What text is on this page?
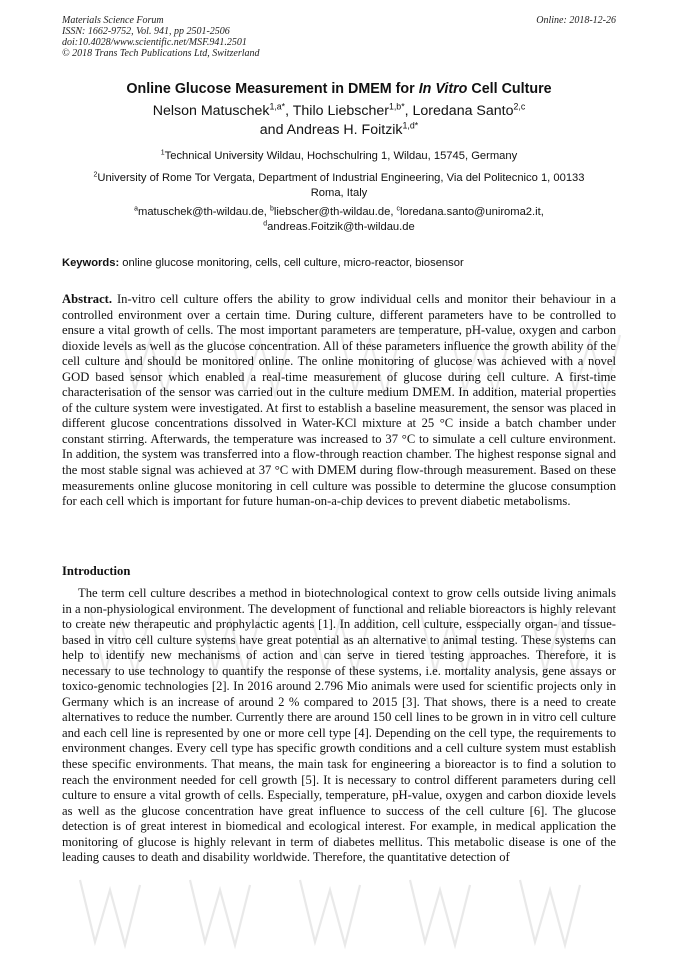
Materials Science Forum
ISSN: 1662-9752, Vol. 941, pp 2501-2506
doi:10.4028/www.scientific.net/MSF.941.2501
© 2018 Trans Tech Publications Ltd, Switzerland
Online: 2018-12-26
Online Glucose Measurement in DMEM for In Vitro Cell Culture
Nelson Matuschek$^{1,a*}$, Thilo Liebscher$^{1,b*}$, Loredana Santo$^{2,c}$
and Andreas H. Foitzik$^{1,d*}$
$^1$Technical University Wildau, Hochschulring 1, Wildau, 15745, Germany
$^2$University of Rome Tor Vergata, Department of Industrial Engineering, Via del Politecnico 1, 00133 Roma, Italy
$^a$matuschek@th-wildau.de, $^b$liebscher@th-wildau.de, $^c$loredana.santo@uniroma2.it,
$^d$andreas.Foitzik@th-wildau.de
Keywords: online glucose monitoring, cells, cell culture, micro-reactor, biosensor

Abstract. In-vitro cell culture offers the ability to grow individual cells and monitor their behaviour in a controlled environment over a certain time. During culture, different parameters have to be controlled to ensure a vital growth of cells. The most important parameters are temperature, pH-value, oxygen and carbon dioxide levels as well as the glucose concentration. All of these parameters influence the growth ability of the cell culture and should be monitored online. The online monitoring of glucose was achieved with a novel GOD based sensor which enabled a real-time measurement of glucose during cell culture. A first-time characterisation of the sensor was carried out in the culture medium DMEM. In addition, material properties of the culture system were investigated. At first to establish a baseline measurement, the sensor was placed in different glucose concentrations dissolved in Water-KCl mixture at 25 °C inside a batch chamber under constant stirring. Afterwards, the temperature was increased to 37 °C to simulate a cell culture environment. In addition, the system was transferred into a flow-through reaction chamber. The highest response signal and the most stable signal was achieved at 37 °C with DMEM during flow-through measurement. Based on these measurements online glucose monitoring in cell culture was possible to determine the glucose consumption for each cell which is important for future human-on-a-chip devices to prevent diabetic metabolisms.

Introduction

The term cell culture describes a method in biotechnological context to grow cells outside living animals in a non-physiological environment. The development of functional and reliable bioreactors is highly relevant to create new therapeutic and prophylactic agents [1]. In addition, cell culture, esspecially organ- and tissue-based in vitro cell culture systems have great potential as an alternative to animal testing. These systems can help to identify new mechanisms of action and can serve in tiered testing approaches. Therefore, it is necessary to use technology to quantify the response of these systems, i.e. mortality analysis, gene assays or toxico-genomic technologies [2]. In 2016 around 2.796 Mio animals were used for scientific projects only in Germany which is an increase of around 2 % compared to 2015 [3]. That shows, there is a need to create alternatives to reduce the number. Currently there are around 150 cell lines to be grown in in vitro cell culture and each cell line is represented by one or more cell type [4]. Depending on the cell type, the requirements to environment changes. Every cell type has specific growth conditions and a cell culture system must establish these specific environments. That means, the main task for engineering a bioreactor is to find a solution to reach the environment needed for cell growth [5]. It is necessary to control different parameters during cell culture to ensure a vital growth of cells. Especially, temperature, pH-value, oxygen and carbon dioxide levels as well as the glucose concentration have great influence to success of the cell culture [6]. The glucose detection is of great interest in biomedical and ecological interest. For example, in medical application the monitoring of glucose is highly relevant in term of diabetes mellitus. This metabolic disease is one of the leading causes to death and disability worldwide. Therefore, the quantitative detection of
